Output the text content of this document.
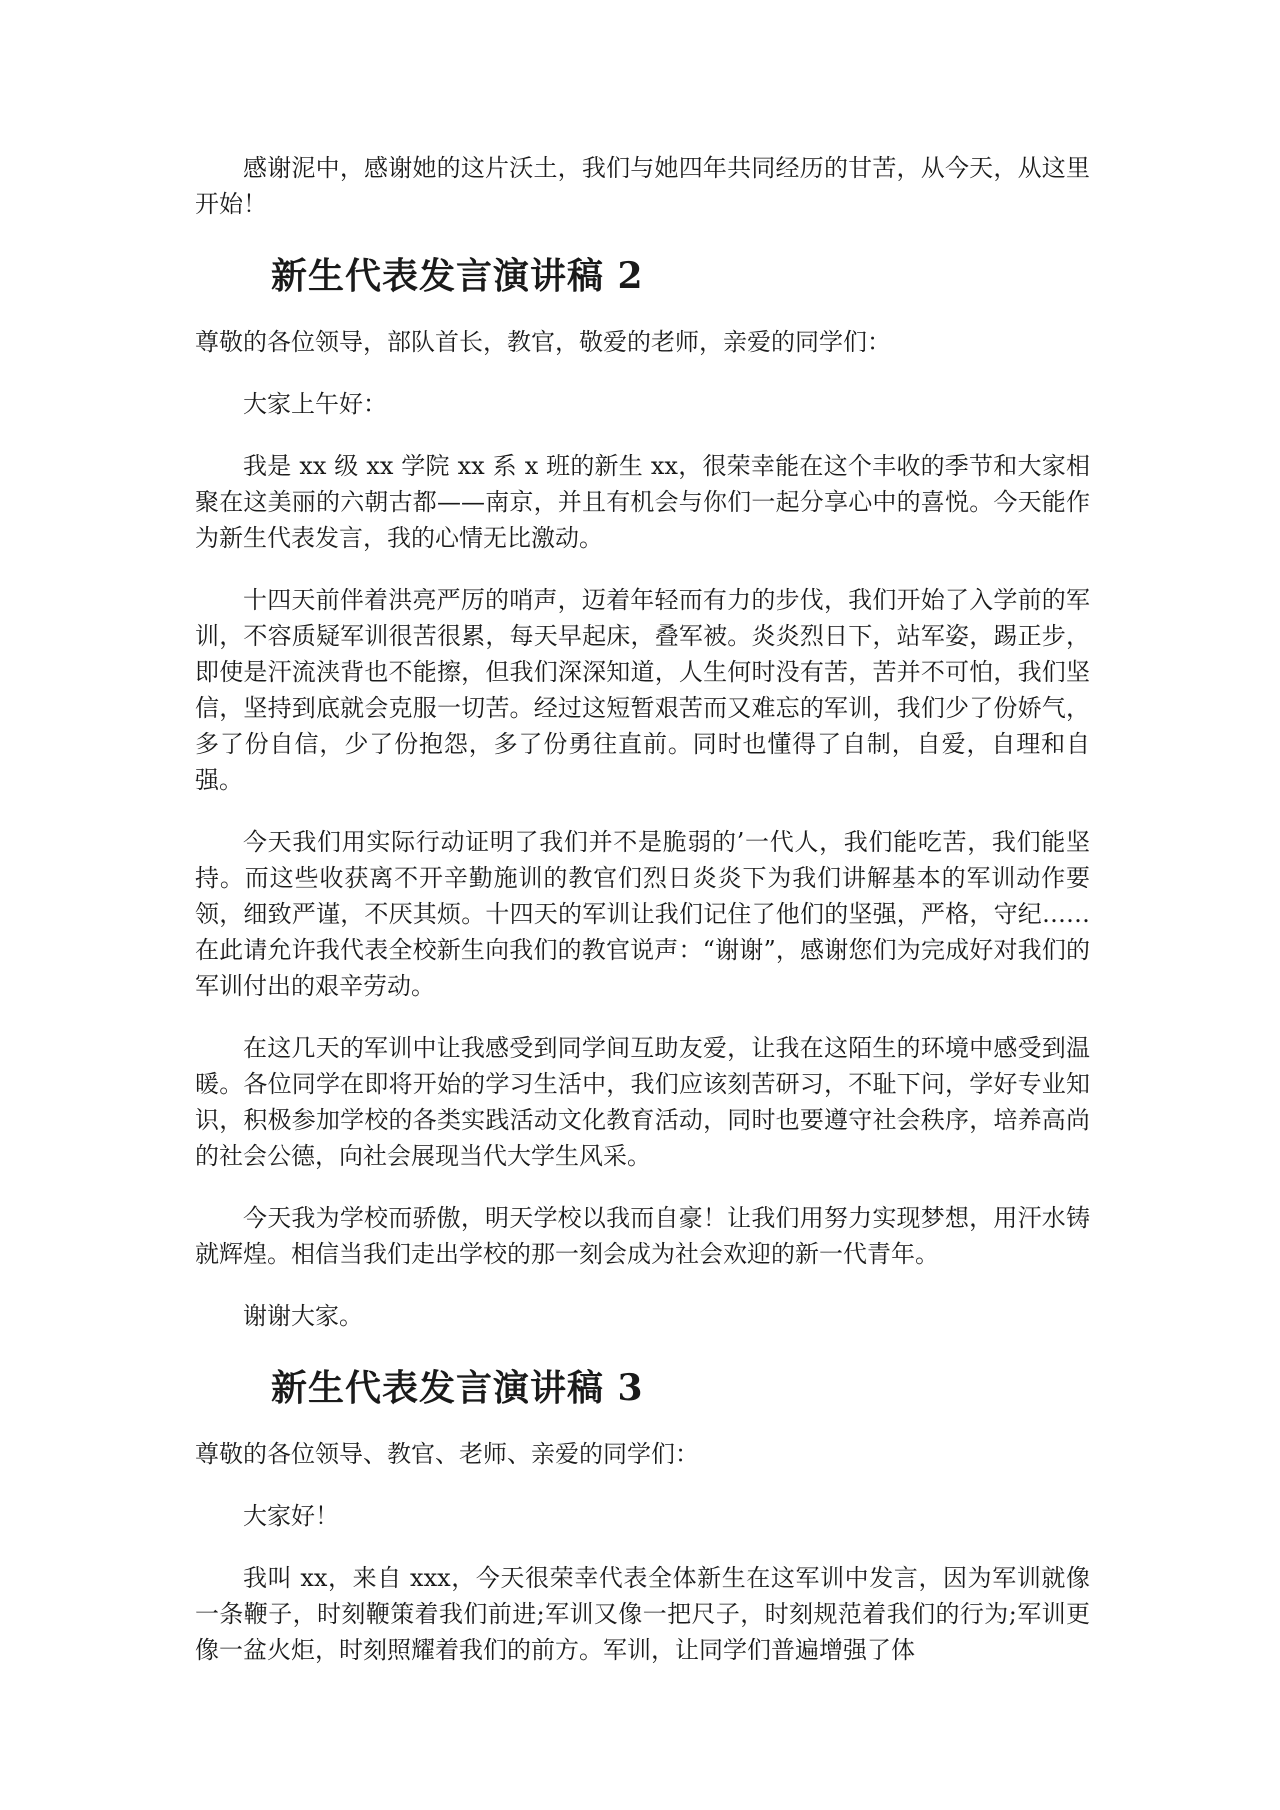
感谢泥中，感谢她的这片沃土，我们与她四年共同经历的甘苦，从今天，从这里开始！

新生代表发言演讲稿 2

尊敬的各位领导，部队首长，教官，敬爱的老师，亲爱的同学们：

大家上午好：

我是 xx 级 xx 学院 xx 系 x 班的新生 xx，很荣幸能在这个丰收的季节和大家相聚在这美丽的六朝古都——南京，并且有机会与你们一起分享心中的喜悦。今天能作为新生代表发言，我的心情无比激动。

十四天前伴着洪亮严厉的哨声，迈着年轻而有力的步伐，我们开始了入学前的军训，不容质疑军训很苦很累，每天早起床，叠军被。炎炎烈日下，站军姿，踢正步，即使是汗流浃背也不能擦，但我们深深知道，人生何时没有苦，苦并不可怕，我们坚信，坚持到底就会克服一切苦。经过这短暂艰苦而又难忘的军训，我们少了份娇气，多了份自信，少了份抱怨，多了份勇往直前。同时也懂得了自制，自爱，自理和自强。

今天我们用实际行动证明了我们并不是脆弱的’一代人，我们能吃苦，我们能坚持。而这些收获离不开辛勤施训的教官们烈日炎炎下为我们讲解基本的军训动作要领，细致严谨，不厌其烦。十四天的军训让我们记住了他们的坚强，严格，守纪……在此请允许我代表全校新生向我们的教官说声：“谢谢”，感谢您们为完成好对我们的军训付出的艰辛劳动。

在这几天的军训中让我感受到同学间互助友爱，让我在这陌生的环境中感受到温暖。各位同学在即将开始的学习生活中，我们应该刻苦研习，不耻下问，学好专业知识，积极参加学校的各类实践活动文化教育活动，同时也要遵守社会秩序，培养高尚的社会公德，向社会展现当代大学生风采。

今天我为学校而骄傲，明天学校以我而自豪！让我们用努力实现梦想，用汗水铸就辉煌。相信当我们走出学校的那一刻会成为社会欢迎的新一代青年。

谢谢大家。

新生代表发言演讲稿 3

尊敬的各位领导、教官、老师、亲爱的同学们：

大家好！

我叫 xx，来自 xxx，今天很荣幸代表全体新生在这军训中发言，因为军训就像一条鞭子，时刻鞭策着我们前进;军训又像一把尺子，时刻规范着我们的行为;军训更像一盆火炬，时刻照耀着我们的前方。军训，让同学们普遍增强了体
